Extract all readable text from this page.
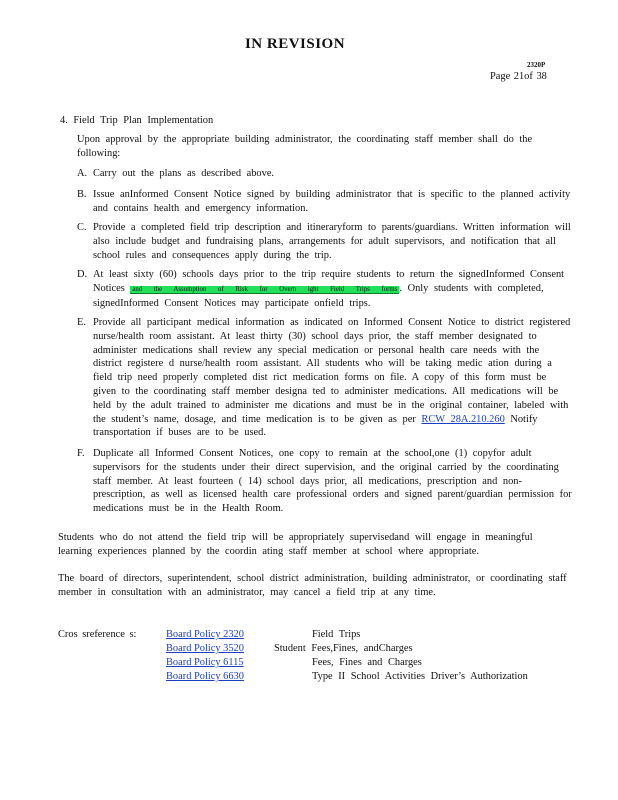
IN REVISION
2320P
Page 21of 38
4. Field Trip Plan Implementation
Upon approval by the appropriate building administrator, the coordinating staff member shall do the following:
A. Carry out the plans as described above.
B. Issue anInformed Consent Notice signed by building administrator that is specific to the planned activity and contains health and emergency information.
C. Provide a completed field trip description and itineraryform to parents/guardians. Written information will also include budget and fundraising plans, arrangements for adult supervisors, and notification that all school rules and consequences apply during the trip.
D. At least sixty (60) schools days prior to the trip require students to return the signedInformed Consent Notices and the Assumption of Risk for Overn ight Field Trips forms . Only students with completed, signedInformed Consent Notices may participate onfield trips.
E. Provide all participant medical information as indicated on Informed Consent Notice to district registered nurse/health room assistant. At least thirty (30) school days prior, the staff member designated to administer medications shall review any special medication or personal health care needs with the district registere d nurse/health room assistant. All students who will be taking medic ation during a field trip need properly completed dist rict medication forms on file. A copy of this form must be given to the coordinating staff member designa ted to administer medications. All medications will be held by the adult trained to administer me dications and must be in the original container, labeled with the student’s name, dosage, and time medication is to be given as per RCW 28A.210.260 Notify transportation if buses are to be used.
F. Duplicate all Informed Consent Notices, one copy to remain at the school,one (1) copyfor adult supervisors for the students under their direct supervision, and the original carried by the coordinating staff member. At least fourteen ( 14) school days prior, all medications, prescription and non- prescription, as well as licensed health care professional orders and signed parent/guardian permission for medications must be in the Health Room.
Students who do not attend the field trip will be appropriately supervisedand will engage in meaningful learning experiences planned by the coordin ating staff member at school where appropriate.
The board of directors, superintendent, school district administration, building administrator, or coordinating staff member in consultation with an administrator, may cancel a field trip at any time.
Cros sreference s:	Board Policy 2320	Field Trips
Board Policy 3520	Student Fees,Fines, andCharges
Board Policy 6115	Fees, Fines and Charges
Board Policy 6630	Type II School Activities Driver’s Authorization
